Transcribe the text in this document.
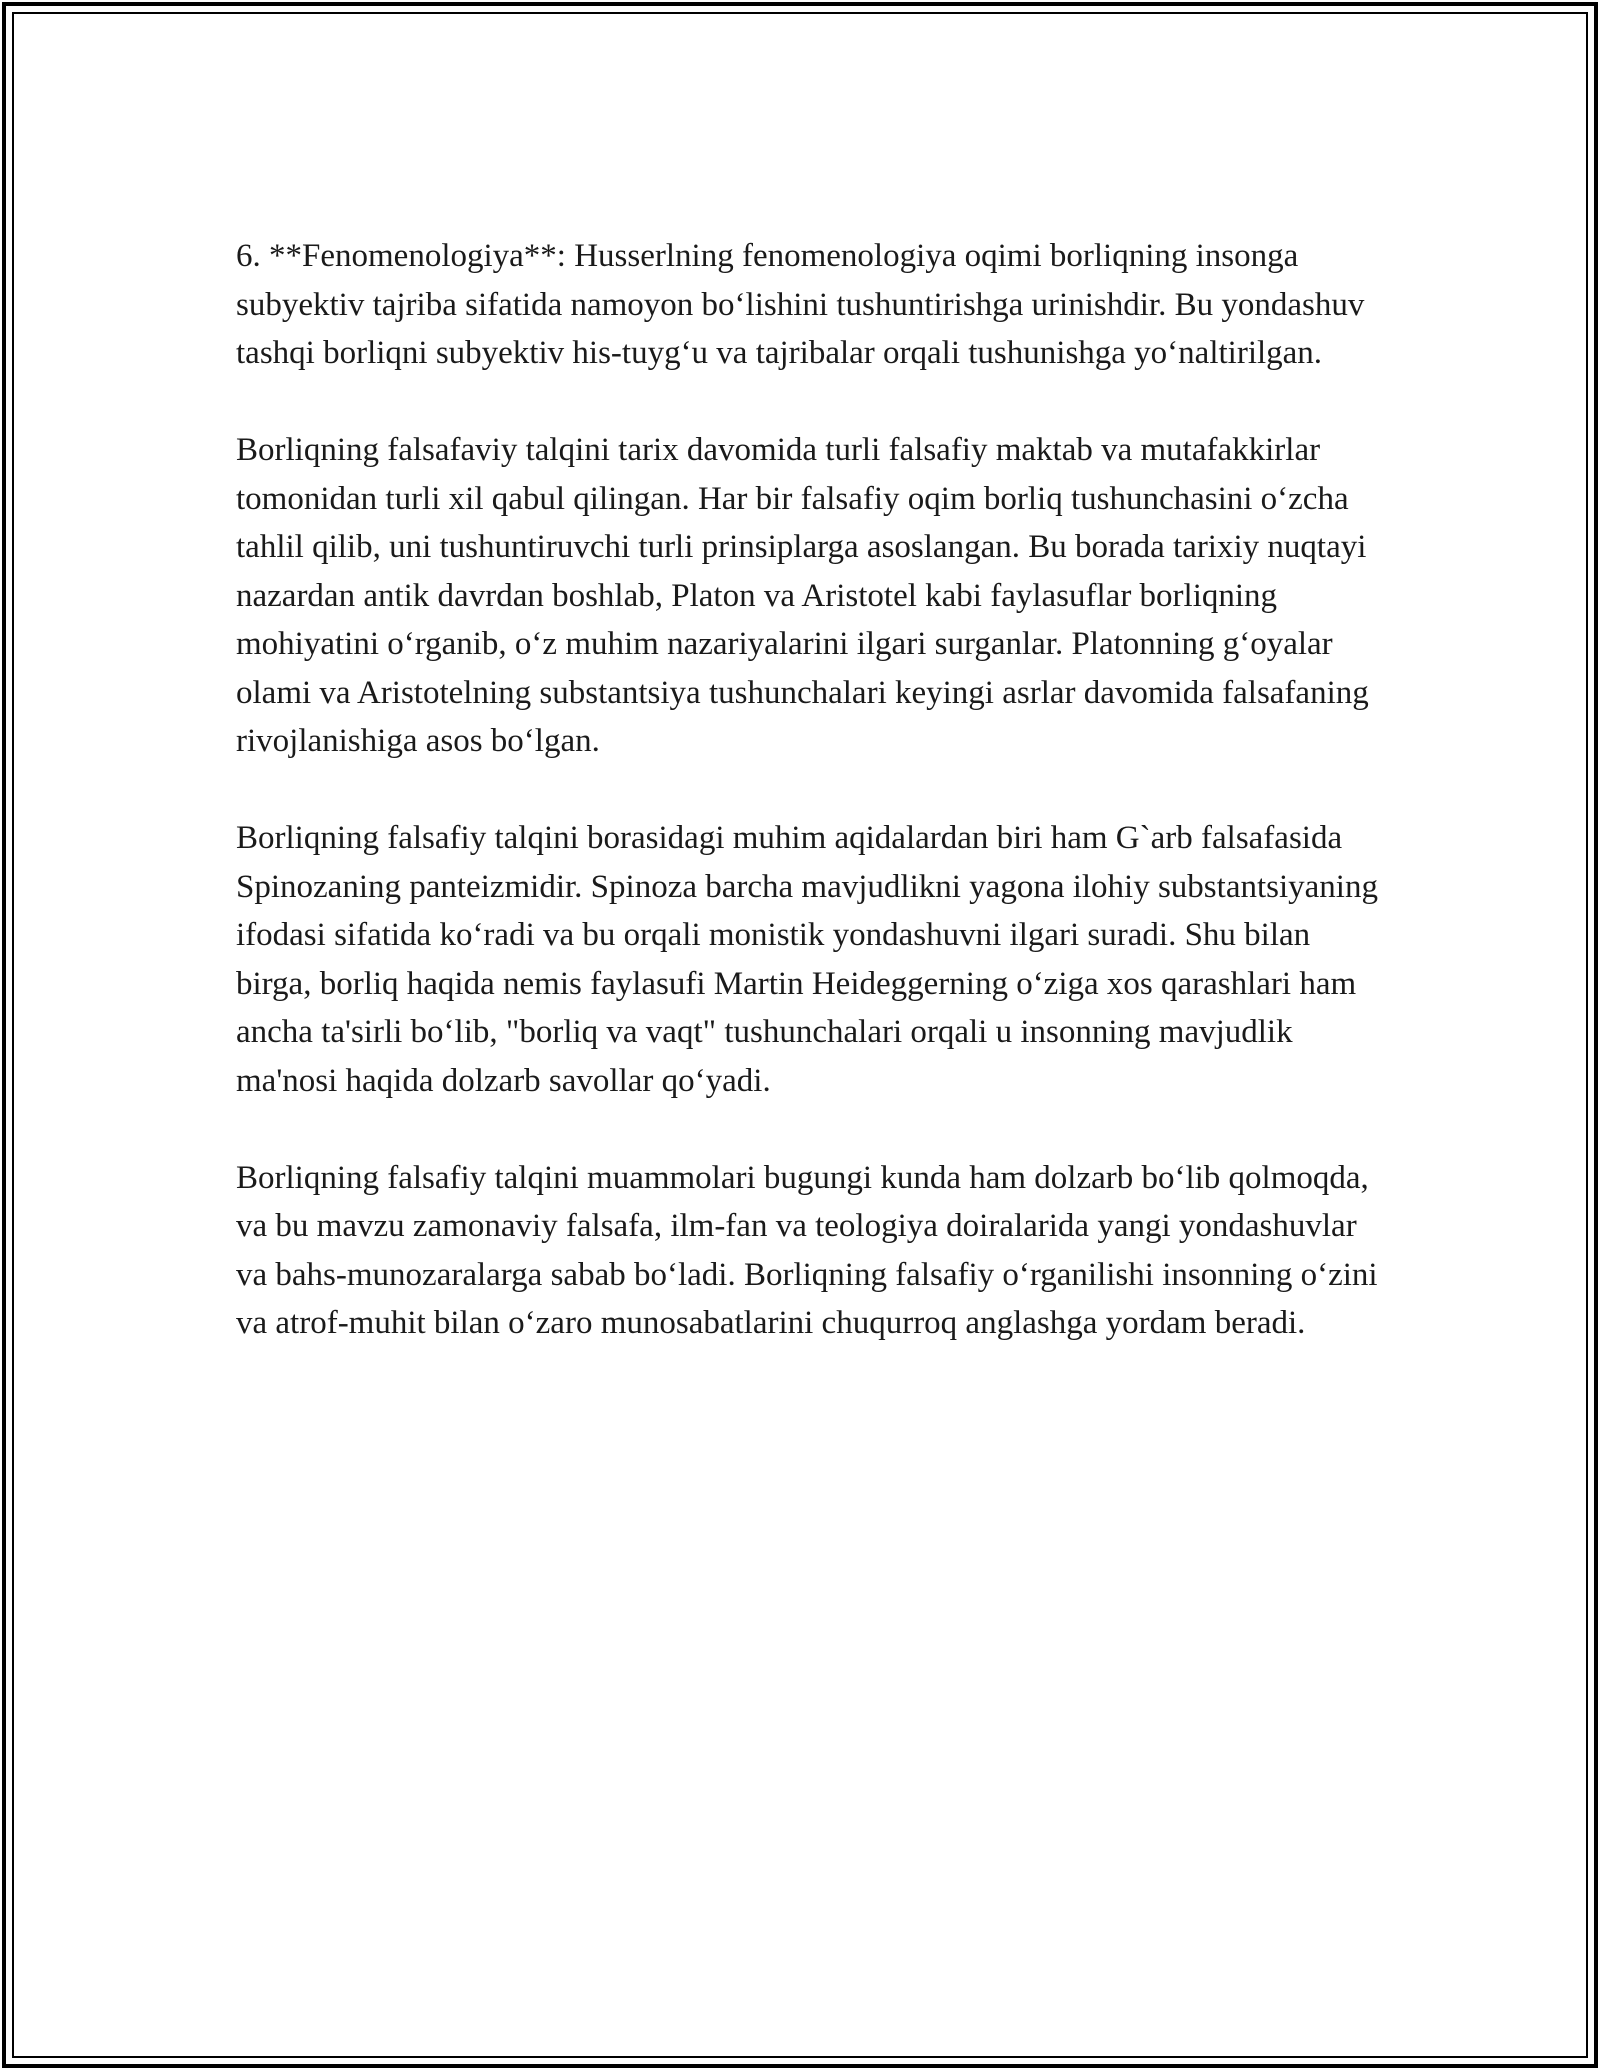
6. **Fenomenologiya**: Husserlning fenomenologiya oqimi borliqning insonga subyektiv tajriba sifatida namoyon bo‘lishini tushuntirishga urinishdir. Bu yondashuv tashqi borliqni subyektiv his-tuyg‘u va tajribalar orqali tushunishga yo‘naltirilgan.

Borliqning falsafaviy talqini tarix davomida turli falsafiy maktab va mutafakkirlar tomonidan turli xil qabul qilingan. Har bir falsafiy oqim borliq tushunchasini o‘zcha tahlil qilib, uni tushuntiruvchi turli prinsiplarga asoslangan. Bu borada tarixiy nuqtayi nazardan antik davrdan boshlab, Platon va Aristotel kabi faylasuflar borliqning mohiyatini o‘rganib, o‘z muhim nazariyalarini ilgari surganlar. Platonning g‘oyalar olami va Aristotelning substantsiya tushunchalari keyingi asrlar davomida falsafaning rivojlanishiga asos bo‘lgan.

Borliqning falsafiy talqini borasidagi muhim aqidalardan biri ham G`arb falsafasida Spinozaning panteizmidir. Spinoza barcha mavjudlikni yagona ilohiy substantsiyaning ifodasi sifatida ko‘radi va bu orqali monistik yondashuvni ilgari suradi. Shu bilan birga, borliq haqida nemis faylasufi Martin Heideggerning o‘ziga xos qarashlari ham ancha ta'sirli bo‘lib, "borliq va vaqt" tushunchalari orqali u insonning mavjudlik ma'nosi haqida dolzarb savollar qo‘yadi.

Borliqning falsafiy talqini muammolari bugungi kunda ham dolzarb bo‘lib qolmoqda, va bu mavzu zamonaviy falsafa, ilm-fan va teologiya doiralarida yangi yondashuvlar va bahs-munozaralarga sabab bo‘ladi. Borliqning falsafiy o‘rganilishi insonning o‘zini va atrof-muhit bilan o‘zaro munosabatlarini chuqurroq anglashga yordam beradi.
